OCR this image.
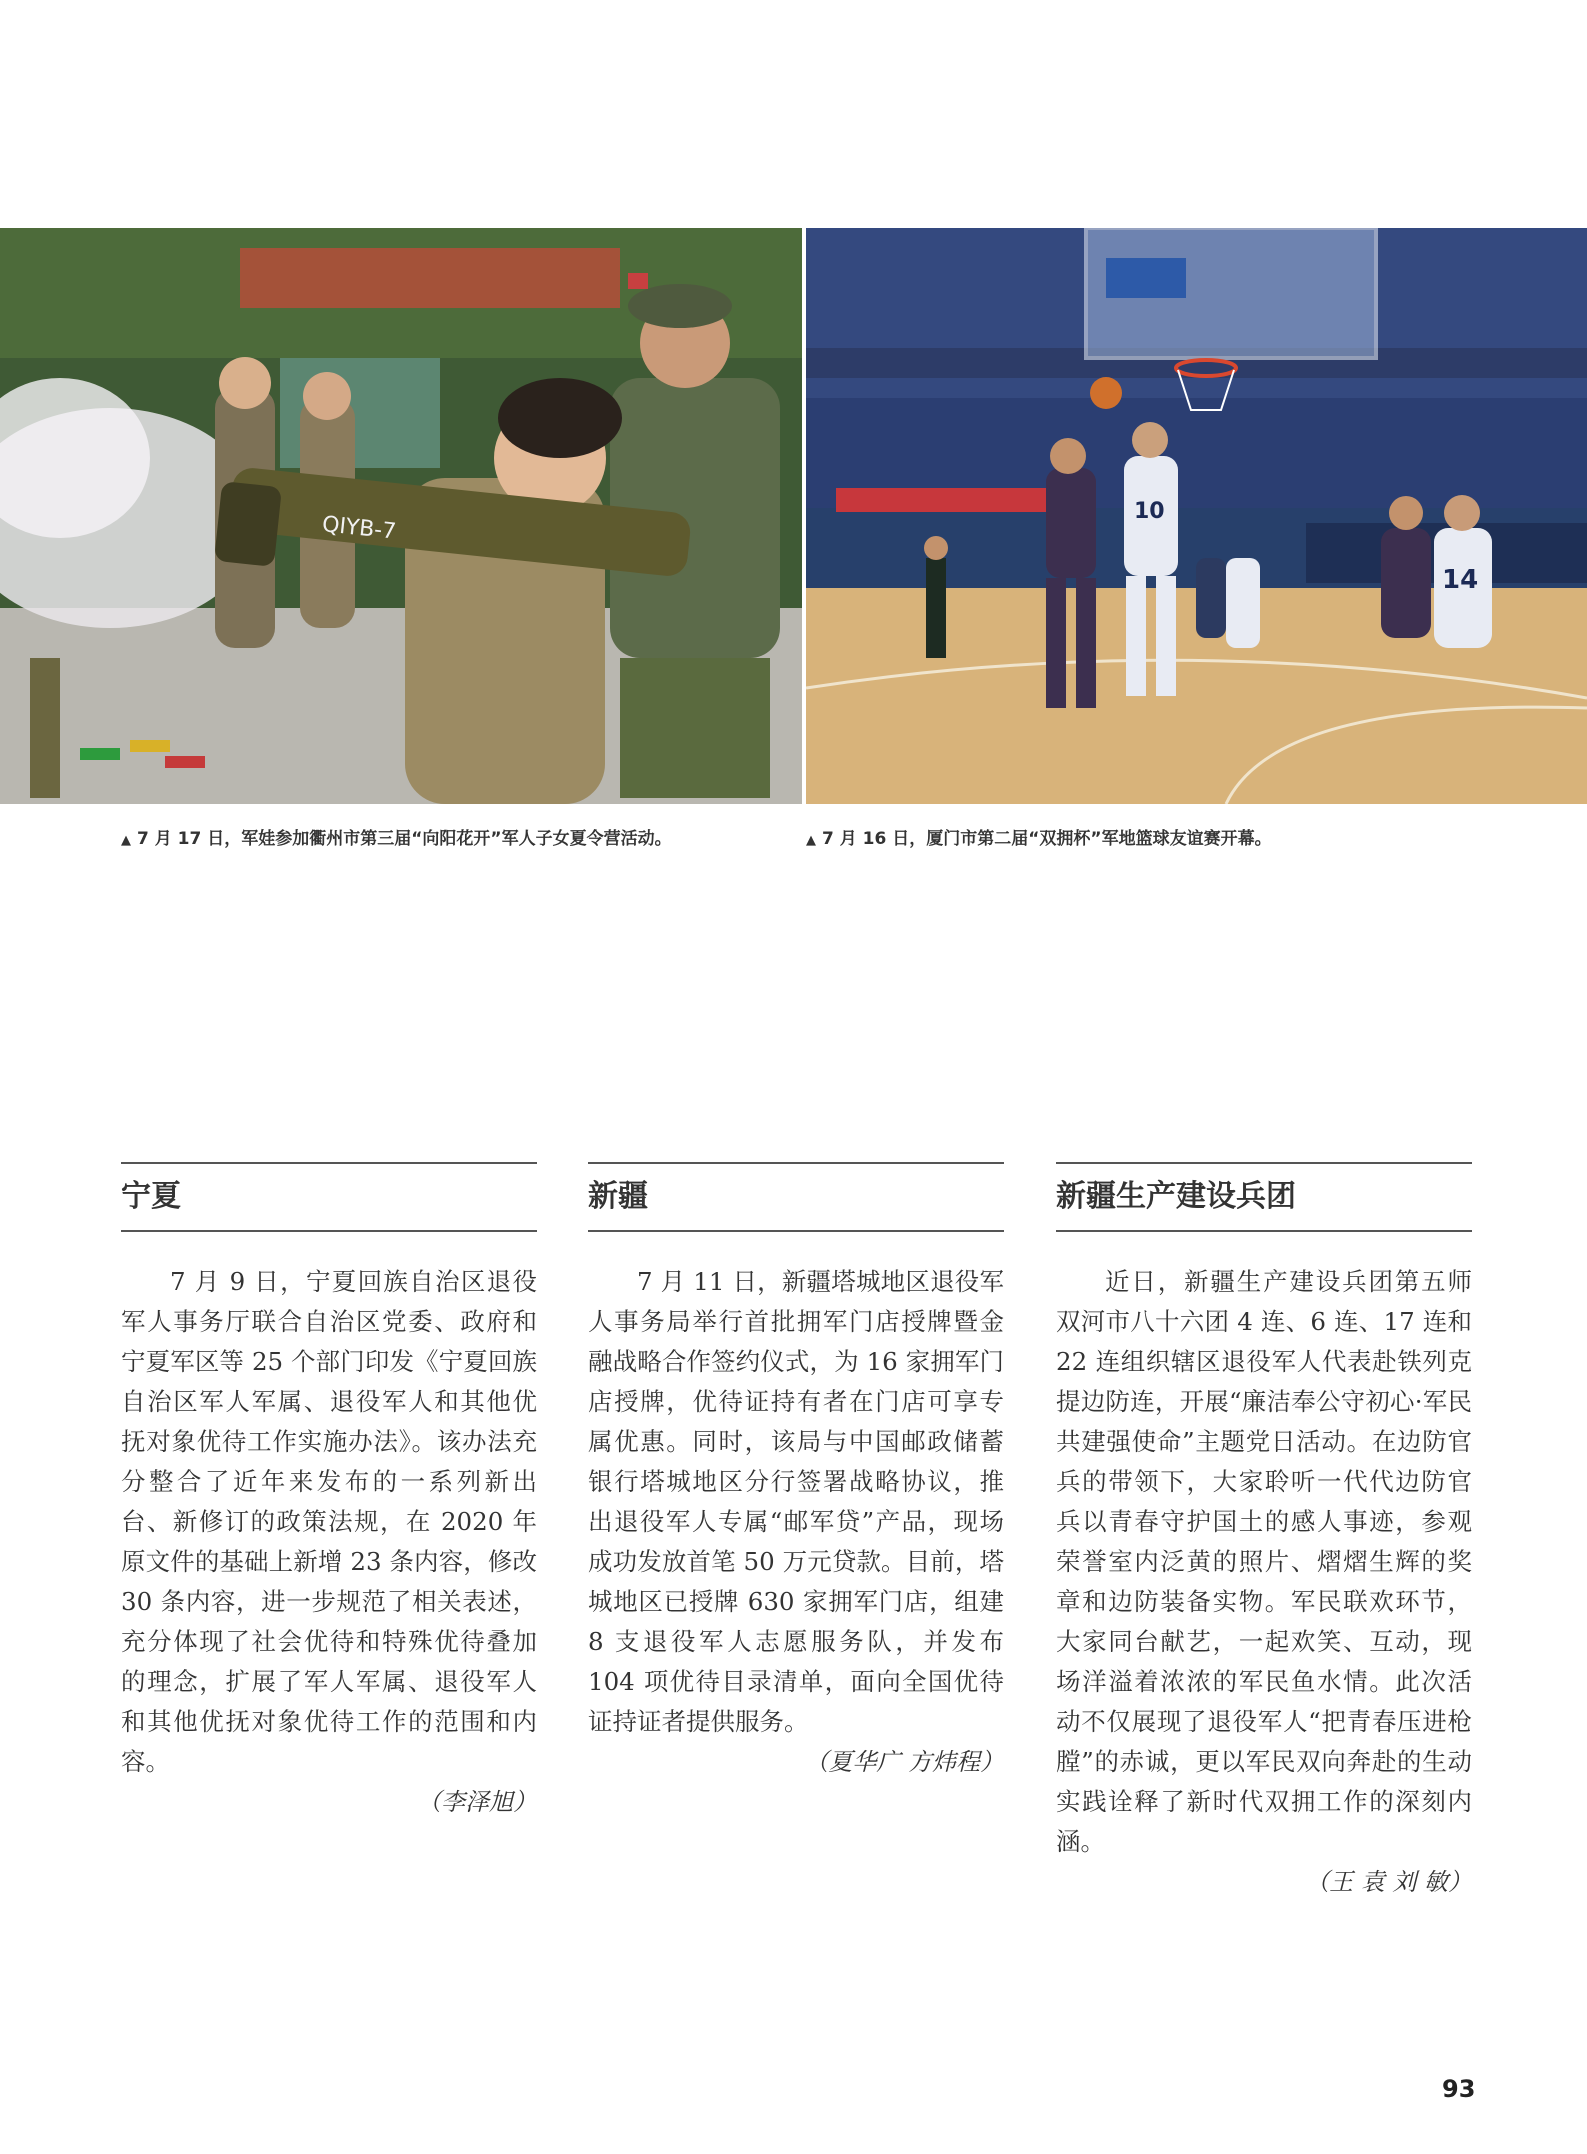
QIYB-7
10
14
▲ 7 月 17 日，军娃参加衢州市第三届“向阳花开”军人子女夏令营活动。	▲ 7 月 16 日，厦门市第二届“双拥杯”军地篮球友谊赛开幕。
宁夏

7 月 9 日，宁夏回族自治区退役军人事务厅联合自治区党委、政府和宁夏军区等 25 个部门印发《宁夏回族自治区军人军属、退役军人和其他优抚对象优待工作实施办法》。该办法充分整合了近年来发布的一系列新出台、新修订的政策法规，在 2020 年原文件的基础上新增 23 条内容，修改 30 条内容，进一步规范了相关表述，充分体现了社会优待和特殊优待叠加的理念，扩展了军人军属、退役军人和其他优抚对象优待工作的范围和内容。

（李泽旭）

新疆

7 月 11 日，新疆塔城地区退役军人事务局举行首批拥军门店授牌暨金融战略合作签约仪式，为 16 家拥军门店授牌，优待证持有者在门店可享专属优惠。同时，该局与中国邮政储蓄银行塔城地区分行签署战略协议，推出退役军人专属“邮军贷”产品，现场成功发放首笔 50 万元贷款。目前，塔城地区已授牌 630 家拥军门店，组建 8 支退役军人志愿服务队，并发布 104 项优待目录清单，面向全国优待证持证者提供服务。

（夏华广 方炜程）

新疆生产建设兵团

近日，新疆生产建设兵团第五师双河市八十六团 4 连、6 连、17 连和 22 连组织辖区退役军人代表赴铁列克提边防连，开展“廉洁奉公守初心·军民共建强使命”主题党日活动。在边防官兵的带领下，大家聆听一代代边防官兵以青春守护国土的感人事迹，参观荣誉室内泛黄的照片、熠熠生辉的奖章和边防装备实物。军民联欢环节，大家同台献艺，一起欢笑、互动，现场洋溢着浓浓的军民鱼水情。此次活动不仅展现了退役军人“把青春压进枪膛”的赤诚，更以军民双向奔赴的生动实践诠释了新时代双拥工作的深刻内涵。

（王 袁 刘 敏）

93
